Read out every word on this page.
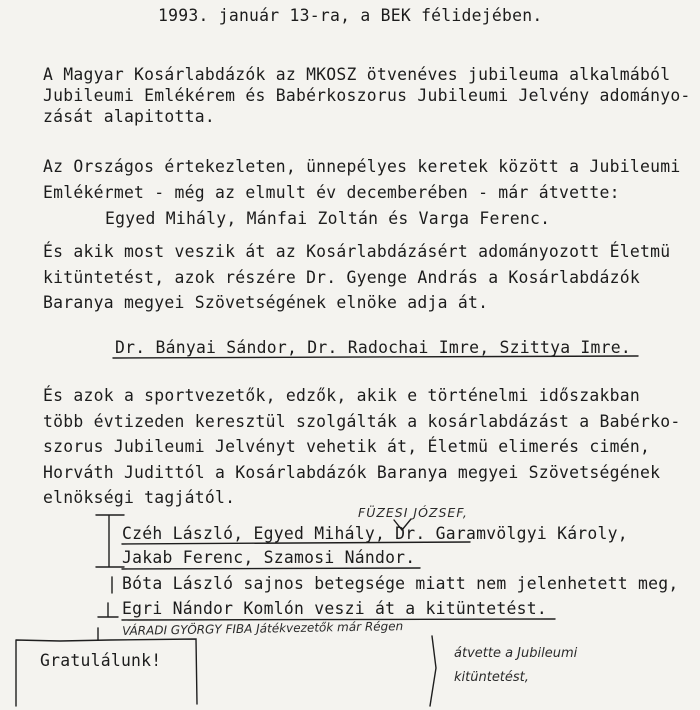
1993. január 13-ra, a BEK félidejében.
A Magyar Kosárlabdázók az MKOSZ ötvenéves jubileuma alkalmából
Jubileumi Emlékérem és Babérkoszorus Jubileumi Jelvény adományo-
zását alapitotta.
Az Országos értekezleten, ünnepélyes keretek között a Jubileumi
Emlékérmet - még az elmult év decemberében - már átvette:
Egyed Mihály, Mánfai Zoltán és Varga Ferenc.
És akik most veszik át az Kosárlabdázásért adományozott Életmü
kitüntetést, azok részére Dr. Gyenge András a Kosárlabdázók
Baranya megyei Szövetségének elnöke adja át.
Dr. Bányai Sándor, Dr. Radochai Imre, Szittya Imre.
És azok a sportvezetők, edzők, akik e történelmi időszakban
több évtizeden keresztül szolgálták a kosárlabdázást a Babérko-
szorus Jubileumi Jelvényt vehetik át, Életmü elimerés cimén,
Horváth Judittól a Kosárlabdázók Baranya megyei Szövetségének
elnökségi tagjától.
FÜZESI JÓZSEF,
Czéh László, Egyed Mihály, Dr. Garamvölgyi Károly,
Jakab Ferenc, Szamosi Nándor.
Bóta László sajnos betegsége miatt nem jelenhetett meg,
Egri Nándor Komlón veszi át a kitüntetést.
VÁRADI GYÖRGY FIBA Játékvezetők már Régen
átvette a Jubileumi
kitüntetést,
Gratulálunk!
